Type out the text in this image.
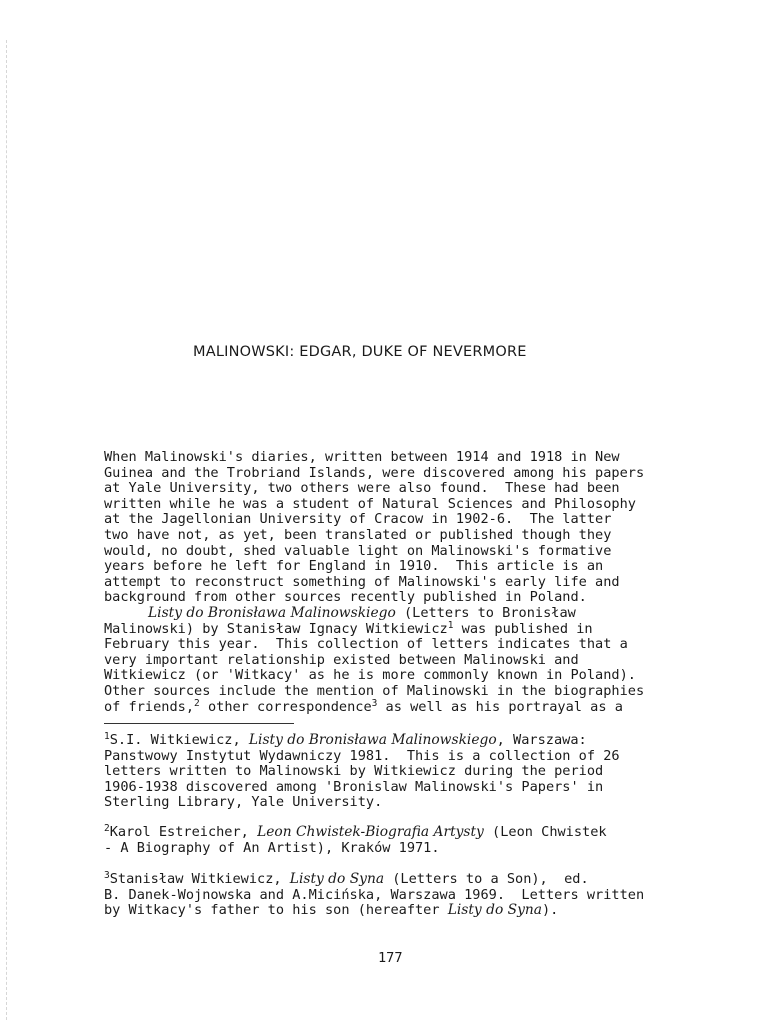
MALINOWSKI: EDGAR, DUKE OF NEVERMORE
When Malinowski's diaries, written between 1914 and 1918 in New
Guinea and the Trobriand Islands, were discovered among his papers
at Yale University, two others were also found.  These had been
written while he was a student of Natural Sciences and Philosophy
at the Jagellonian University of Cracow in 1902-6.  The latter
two have not, as yet, been translated or published though they
would, no doubt, shed valuable light on Malinowski's formative
years before he left for England in 1910.  This article is an
attempt to reconstruct something of Malinowski's early life and
background from other sources recently published in Poland.
Listy do Bronisława Malinowskiego (Letters to Bronisław
Malinowski) by Stanisław Ignacy Witkiewicz$^1$ was published in
February this year.  This collection of letters indicates that a
very important relationship existed between Malinowski and
Witkiewicz (or 'Witkacy' as he is more commonly known in Poland).
Other sources include the mention of Malinowski in the biographies
of friends,$^2$ other correspondence$^3$ as well as his portrayal as a
$^1$S.I. Witkiewicz, Listy do Bronisława Malinowskiego, Warszawa:
Panstwowy Instytut Wydawniczy 1981.  This is a collection of 26
letters written to Malinowski by Witkiewicz during the period
1906-1938 discovered among 'Bronislaw Malinowski's Papers' in
Sterling Library, Yale University.
$^2$Karol Estreicher, Leon Chwistek-Biografia Artysty (Leon Chwistek
- A Biography of An Artist), Kraków 1971.
$^3$Stanisław Witkiewicz, Listy do Syna (Letters to a Son),  ed.
B. Danek-Wojnowska and A.Micińska, Warszawa 1969.  Letters written
by Witkacy's father to his son (hereafter Listy do Syna).
177
